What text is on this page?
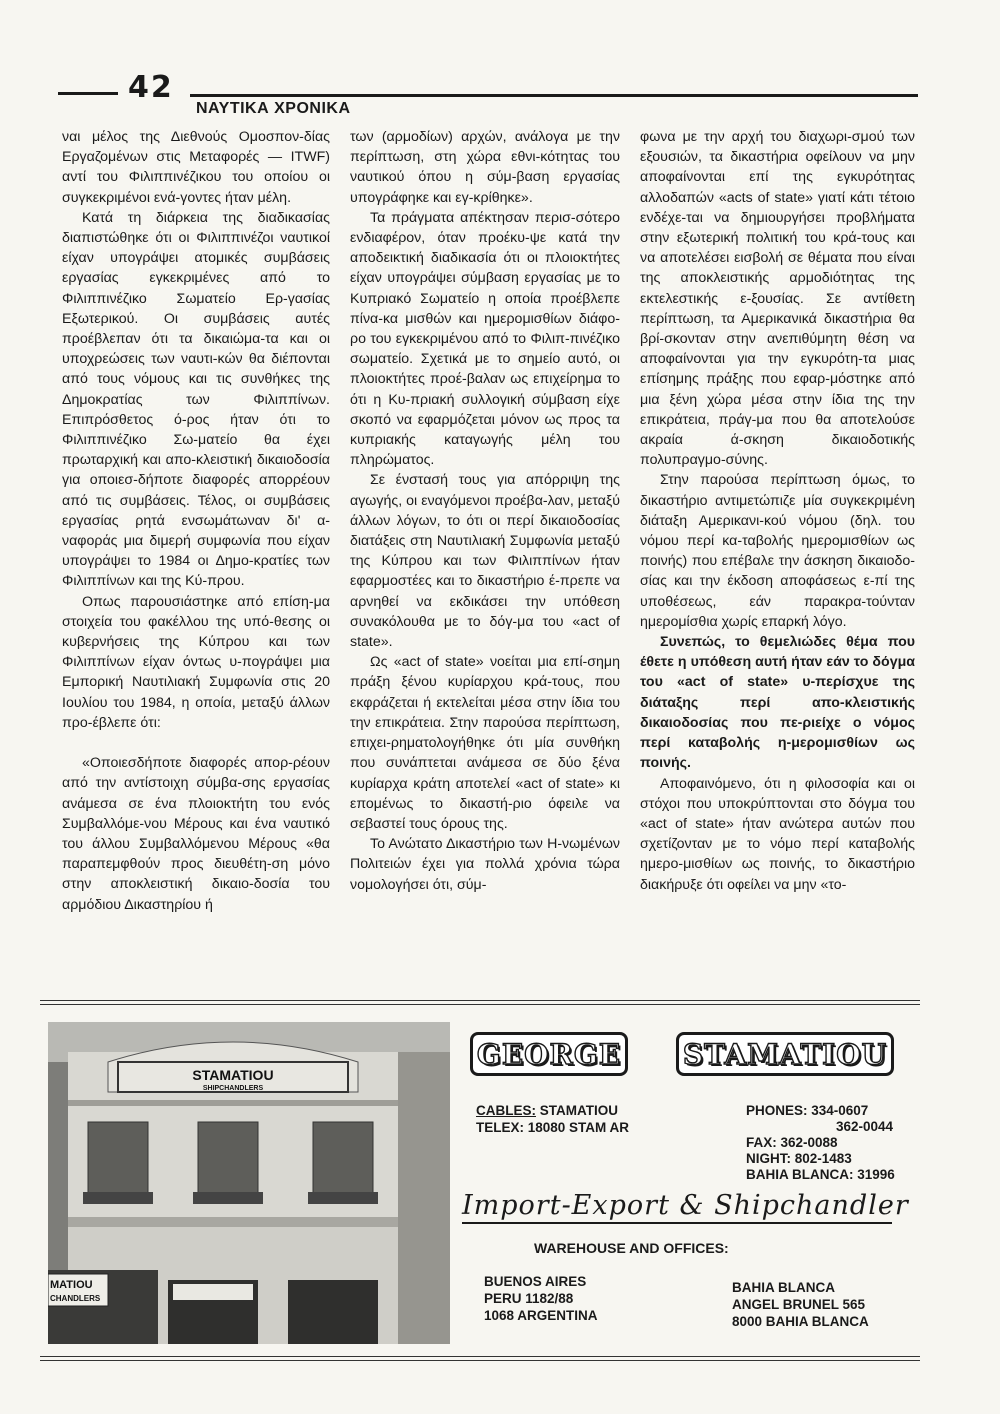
42
ΝΑΥΤΙΚΑ ΧΡΟΝΙΚΑ

ναι μέλος της Διεθνούς Ομοσπον-δίας Εργαζομένων στις Μεταφορές — ITWF) αντί του Φιλιππινέζικου του οποίου οι συγκεκριμένοι ενά-γοντες ήταν μέλη.

Κατά τη διάρκεια της διαδικασίας διαπιστώθηκε ότι οι Φιλιππινέζοι ναυτικοί είχαν υπογράψει ατομικές συμβάσεις εργασίας εγκεκριμένες από το Φιλιππινέζικο Σωματείο Ερ-γασίας Εξωτερικού. Οι συμβάσεις αυτές προέβλεπαν ότι τα δικαιώμα-τα και οι υποχρεώσεις των ναυτι-κών θα διέπονται από τους νόμους και τις συνθήκες της Δημοκρατίας των Φιλιππίνων. Επιπρόσθετος ό-ρος ήταν ότι το Φιλιππινέζικο Σω-ματείο θα έχει πρωταρχική και απο-κλειστική δικαιοδοσία για οποιεσ-δήποτε διαφορές απορρέουν από τις συμβάσεις. Τέλος, οι συμβάσεις εργασίας ρητά ενσωμάτωναν δι' α-ναφοράς μια διμερή συμφωνία που είχαν υπογράψει το 1984 οι Δημο-κρατίες των Φιλιππίνων και της Κύ-πρου.

Οπως παρουσιάστηκε από επίση-μα στοιχεία του φακέλλου της υπό-θεσης οι κυβερνήσεις της Κύπρου και των Φιλιππίνων είχαν όντως υ-πογράψει μια Εμπορική Ναυτιλιακή Συμφωνία στις 20 Ιουλίου του 1984, η οποία, μεταξύ άλλων προ-έβλεπε ότι:

«Οποιεσδήποτε διαφορές απορ-ρέουν από την αντίστοιχη σύμβα-σης εργασίας ανάμεσα σε ένα πλοιοκτήτη του ενός Συμβαλλόμε-νου Μέρους και ένα ναυτικό του άλλου Συμβαλλόμενου Μέρους «θα παραπεμφθούν προς διευθέτη-ση μόνο στην αποκλειστική δικαιο-δοσία του αρμόδιου Δικαστηρίου ή

των (αρμοδίων) αρχών, ανάλογα με την περίπτωση, στη χώρα εθνι-κότητας του ναυτικού όπου η σύμ-βαση εργασίας υπογράφηκε και εγ-κρίθηκε».

Τα πράγματα απέκτησαν περισ-σότερο ενδιαφέρον, όταν προέκυ-ψε κατά την αποδεικτική διαδικασία ότι οι πλοιοκτήτες είχαν υπογράψει σύμβαση εργασίας με το Κυπριακό Σωματείο η οποία προέβλεπε πίνα-κα μισθών και ημερομισθίων διάφο-ρο του εγκεκριμένου από το Φιλιπ-πινέζικο σωματείο. Σχετικά με το σημείο αυτό, οι πλοιοκτήτες προέ-βαλαν ως επιχείρημα το ότι η Κυ-πριακή συλλογική σύμβαση είχε σκοπό να εφαρμόζεται μόνον ως προς τα κυπριακής καταγωγής μέλη του πληρώματος.

Σε ένστασή τους για απόρριψη της αγωγής, οι εναγόμενοι προέβα-λαν, μεταξύ άλλων λόγων, το ότι οι περί δικαιοδοσίας διατάξεις στη Ναυτιλιακή Συμφωνία μεταξύ της Κύπρου και των Φιλιππίνων ήταν εφαρμοστέες και το δικαστήριο έ-πρεπε να αρνηθεί να εκδικάσει την υπόθεση συνακόλουθα με το δόγ-μα του «act of state».

Ως «act of state» νοείται μια επί-σημη πράξη ξένου κυρίαρχου κρά-τους, που εκφράζεται ή εκτελείται μέσα στην ίδια του την επικράτεια. Στην παρούσα περίπτωση, επιχει-ρηματολογήθηκε ότι μία συνθήκη που συνάπτεται ανάμεσα σε δύο ξένα κυρίαρχα κράτη αποτελεί «act of state» κι επομένως το δικαστή-ριο όφειλε να σεβαστεί τους όρους της.

Το Ανώτατο Δικαστήριο των Η-νωμένων Πολιτειών έχει για πολλά χρόνια τώρα νομολογήσει ότι, σύμ-

φωνα με την αρχή του διαχωρι-σμού των εξουσιών, τα δικαστήρια οφείλουν να μην αποφαίνονται επί της εγκυρότητας αλλοδαπών «acts of state» γιατί κάτι τέτοιο ενδέχε-ται να δημιουργήσει προβλήματα στην εξωτερική πολιτική του κρά-τους και να αποτελέσει εισβολή σε θέματα που είναι της αποκλειστικής αρμοδιότητας της εκτελεστικής ε-ξουσίας. Σε αντίθετη περίπτωση, τα Αμερικανικά δικαστήρια θα βρί-σκονταν στην ανεπιθύμητη θέση να αποφαίνονται για την εγκυρότη-τα μιας επίσημης πράξης που εφαρ-μόστηκε από μια ξένη χώρα μέσα στην ίδια της την επικράτεια, πράγ-μα που θα αποτελούσε ακραία ά-σκηση δικαιοδοτικής πολυπραγμο-σύνης.

Στην παρούσα περίπτωση όμως, το δικαστήριο αντιμετώπιζε μία συγκεκριμένη διάταξη Αμερικανι-κού νόμου (δηλ. του νόμου περί κα-ταβολής ημερομισθίων ως ποινής) που επέβαλε την άσκηση δικαιοδο-σίας και την έκδοση αποφάσεως ε-πί της υποθέσεως, εάν παρακρα-τούνταν ημερομίσθια χωρίς επαρκή λόγο.

Συνεπώς, το θεμελιώδες θέμα που έθετε η υπόθεση αυτή ήταν εάν το δόγμα του «act of state» υ-περίσχυε της διάταξης περί απο-κλειστικής δικαιοδοσίας που πε-ριείχε ο νόμος περί καταβολής η-μερομισθίων ως ποινής.

Αποφαινόμενο, ότι η φιλοσοφία και οι στόχοι που υποκρύπτονται στο δόγμα του «act of state» ήταν ανώτερα αυτών που σχετίζονταν με το νόμο περί καταβολής ημερο-μισθίων ως ποινής, το δικαστήριο διακήρυξε ότι οφείλει να μην «το-

STAMATIOU
SHIPCHANDLERS
MATIOU
CHANDLERS
GEORGE STAMATIOU
CABLES: STAMATIOU
TELEX: 18080 STAM AR
PHONES: 334-0607
362-0044
FAX: 362-0088
NIGHT: 802-1483
BAHIA BLANCA: 31996
Import-Export & Shipchandler
WAREHOUSE AND OFFICES:
BUENOS AIRES
PERU 1182/88
1068 ARGENTINA
BAHIA BLANCA
ANGEL BRUNEL 565
8000 BAHIA BLANCA
